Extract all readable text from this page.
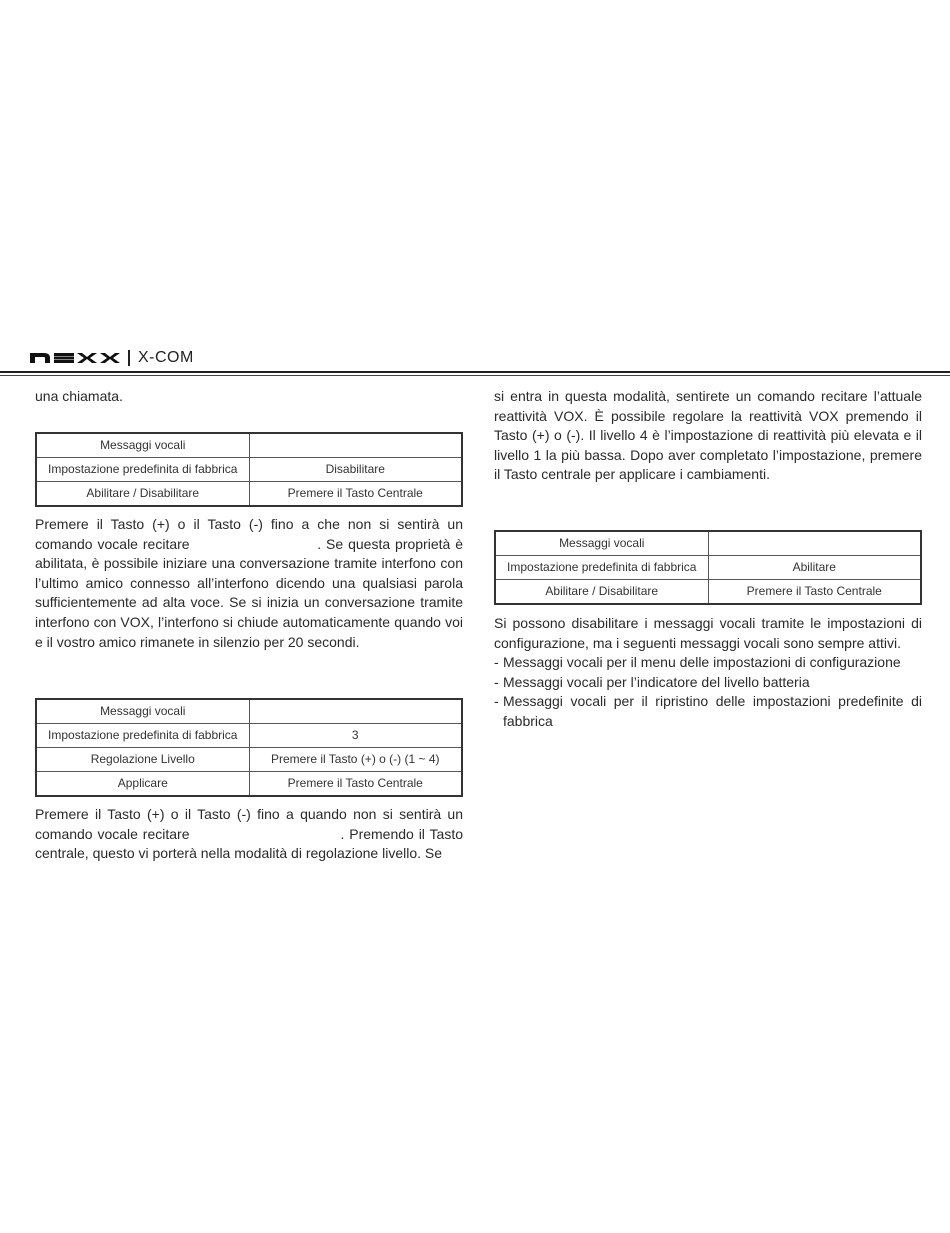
X-COM

una chiamata.

Messaggi vocali	
Impostazione predefinita di fabbrica	Disabilitare
Abilitare / Disabilitare	Premere il Tasto Centrale

Premere il Tasto (+) o il Tasto (-) fino a che non si sentirà un comando vocale recitare                          . Se questa proprietà è abilitata, è possibile iniziare una conversazione tramite interfono con l’ultimo amico connesso all’interfono dicendo una qualsiasi parola sufficientemente ad alta voce. Se si inizia un conversazione tramite interfono con VOX, l’interfono si chiude automaticamente quando voi e il vostro amico rimanete in silenzio per 20 secondi.

Messaggi vocali	
Impostazione predefinita di fabbrica	3
Regolazione Livello	Premere il Tasto (+) o (-) (1 ~ 4)
Applicare	Premere il Tasto Centrale

Premere il Tasto (+) o il Tasto (-) fino a quando non si sentirà un comando vocale recitare                               . Premendo il Tasto centrale, questo vi porterà nella modalità di regolazione livello. Se

si entra in questa modalità, sentirete un comando recitare l’attuale reattività VOX. È possibile regolare la reattività VOX premendo il Tasto (+) o (-). Il livello 4 è l’impostazione di reattività più elevata e il livello 1 la più bassa. Dopo aver completato l’impostazione, premere il Tasto centrale per applicare i cambiamenti.

Messaggi vocali	
Impostazione predefinita di fabbrica	Abilitare
Abilitare / Disabilitare	Premere il Tasto Centrale

Si possono disabilitare i messaggi vocali tramite le impostazioni di configurazione, ma i seguenti messaggi vocali sono sempre attivi.

- Messaggi vocali per il menu delle impostazioni di configurazione
- Messaggi vocali per l’indicatore del livello batteria
- Messaggi vocali per il ripristino delle impostazioni predefinite di fabbrica
